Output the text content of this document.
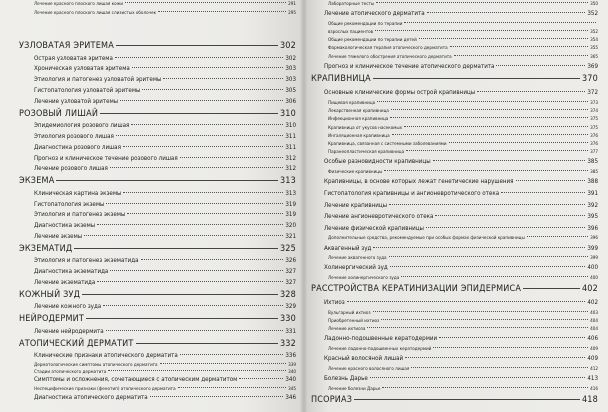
Лечение красного плоского лишая кожи	291
Лечение красного плоского лишая слизистых оболочек	295
УЗЛОВАТАЯ ЭРИТЕМА	302
Острая узловатая эритема	302
Хроническая узловатая эритема	303
Этиология и патогенез узловатой эритемы	303
Гистопатология узловатой эритемы	305
Лечение узловатой эритемы	306
РОЗОВЫЙ ЛИШАЙ	310
Эпидемиология розового лишая	310
Этиология розового лишая	311
Диагностика розового лишая	311
Прогноз и клиническое течение розового лишая	312
Лечение розового лишая	312
ЭКЗЕМА	313
Клиническая картина экземы	313
Гистопатология экземы	319
Этиология и патогенез экземы	319
Диагностика экземы	320
Лечение экземы	321
ЭКЗЕМАТИД	325
Этиология и патогенез экзематида	326
Диагностика экзематида	327
Лечение экзематида	327
КОЖНЫЙ ЗУД	328
Лечение кожного зуда	329
НЕЙРОДЕРМИТ	330
Лечение нейродермита	331
АТОПИЧЕСКИЙ ДЕРМАТИТ	332
Клинические признаки атопического дерматита	336
Дерматологические симптомы атопического дерматита	339
Стадии атопического дерматита	340
Симптомы и осложнения, сочетающиеся с атопическим дерматитом	340
Неспецифические признаки (фенотип) атопического дерматита	345
Диагностика атопического дерматита	346
Лабораторные тесты	350
Лечение атопического дерматита	352
Общие рекомендации по терапии
взрослых пациентов	352
Общие рекомендации по терапии детей	354
Фармакологическая терапия атопического дерматита	355
Лечение тяжелого обострения атопического дерматита	365
Прогноз и клиническое течение атопического дерматита	369
КРАПИВНИЦА	370
Основные клинические формы острой крапивницы	372
Пищевая крапивница	373
Лекарственная крапивница	374
Инфекционная крапивница	375
Крапивница от укусов насекомых	375
Ингаляционная крапивница	376
Крапивница, связанная с системными заболеваниями	376
Паранеопластическая крапивница	377
Особые разновидности крапивницы	385
Физические крапивницы	385
Крапивницы, в основе которых лежат генетические нарушения	388
Гистопатология крапивницы и ангионевротического отека	391
Лечение крапивницы	392
Лечение ангионевротического отека	395
Лечение физической крапивницы	396
Дополнительные средства, рекомендуемые при особых формах физической крапивницы	396
Аквагенный зуд	399
Лечение аквагенного зуда	399
Холинергический зуд	400
Лечение холинергического зуда	400
РАССТРОЙСТВА КЕРАТИНИЗАЦИИ ЭПИДЕРМИСА	402
Ихтиоз	402
Вульгарный ихтиоз	403
Приобретенный ихтиоз	404
Лечение ихтиоза	404
Ладонно-подошвенные кератодермии	406
Лечение ладонно-подошвенных кератодермий	409
Красный волосяной лишай	409
Лечение красного волосяного лишая	412
Болезнь Дарье	413
Лечение болезни Дарье	416
ПСОРИАЗ	418
